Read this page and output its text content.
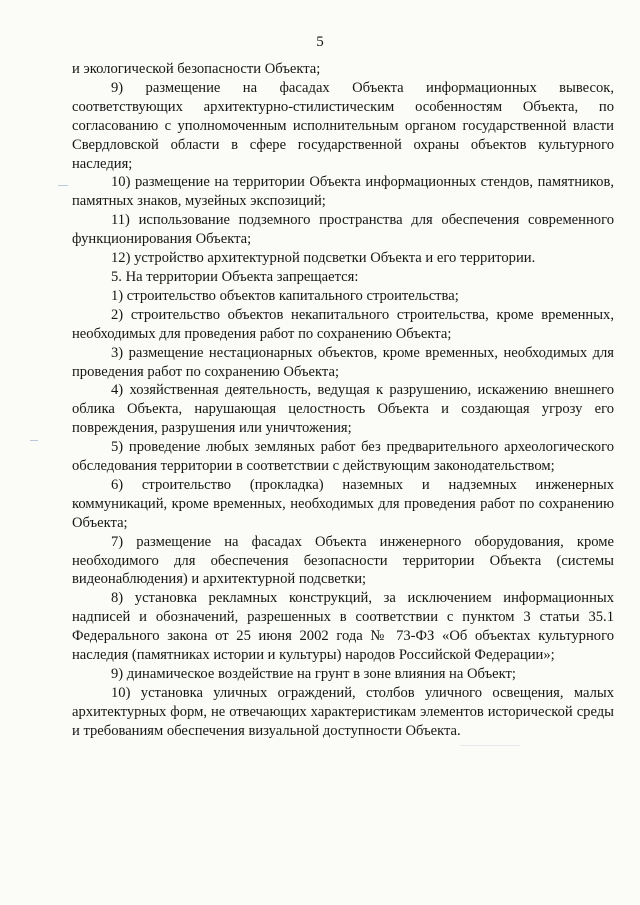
5

и экологической безопасности Объекта;

9) размещение на фасадах Объекта информационных вывесок, соответствующих архитектурно-стилистическим особенностям Объекта, по согласованию с уполномоченным исполнительным органом государственной власти Свердловской области в сфере государственной охраны объектов культурного наследия;

10) размещение на территории Объекта информационных стендов, памятников, памятных знаков, музейных экспозиций;

11) использование подземного пространства для обеспечения современного функционирования Объекта;

12) устройство архитектурной подсветки Объекта и его территории.

5. На территории Объекта запрещается:

1) строительство объектов капитального строительства;

2) строительство объектов некапитального строительства, кроме временных, необходимых для проведения работ по сохранению Объекта;

3) размещение нестационарных объектов, кроме временных, необходимых для проведения работ по сохранению Объекта;

4) хозяйственная деятельность, ведущая к разрушению, искажению внешнего облика Объекта, нарушающая целостность Объекта и создающая угрозу его повреждения, разрушения или уничтожения;

5) проведение любых земляных работ без предварительного археологического обследования территории в соответствии с действующим законодательством;

6) строительство (прокладка) наземных и надземных инженерных коммуникаций, кроме временных, необходимых для проведения работ по сохранению Объекта;

7) размещение на фасадах Объекта инженерного оборудования, кроме необходимого для обеспечения безопасности территории Объекта (системы видеонаблюдения) и архитектурной подсветки;

8) установка рекламных конструкций, за исключением информационных надписей и обозначений, разрешенных в соответствии с пунктом 3 статьи 35.1 Федерального закона от 25 июня 2002 года № 73-ФЗ «Об объектах культурного наследия (памятниках истории и культуры) народов Российской Федерации»;

9) динамическое воздействие на грунт в зоне влияния на Объект;

10) установка уличных ограждений, столбов уличного освещения, малых архитектурных форм, не отвечающих характеристикам элементов исторической среды и требованиям обеспечения визуальной доступности Объекта.
